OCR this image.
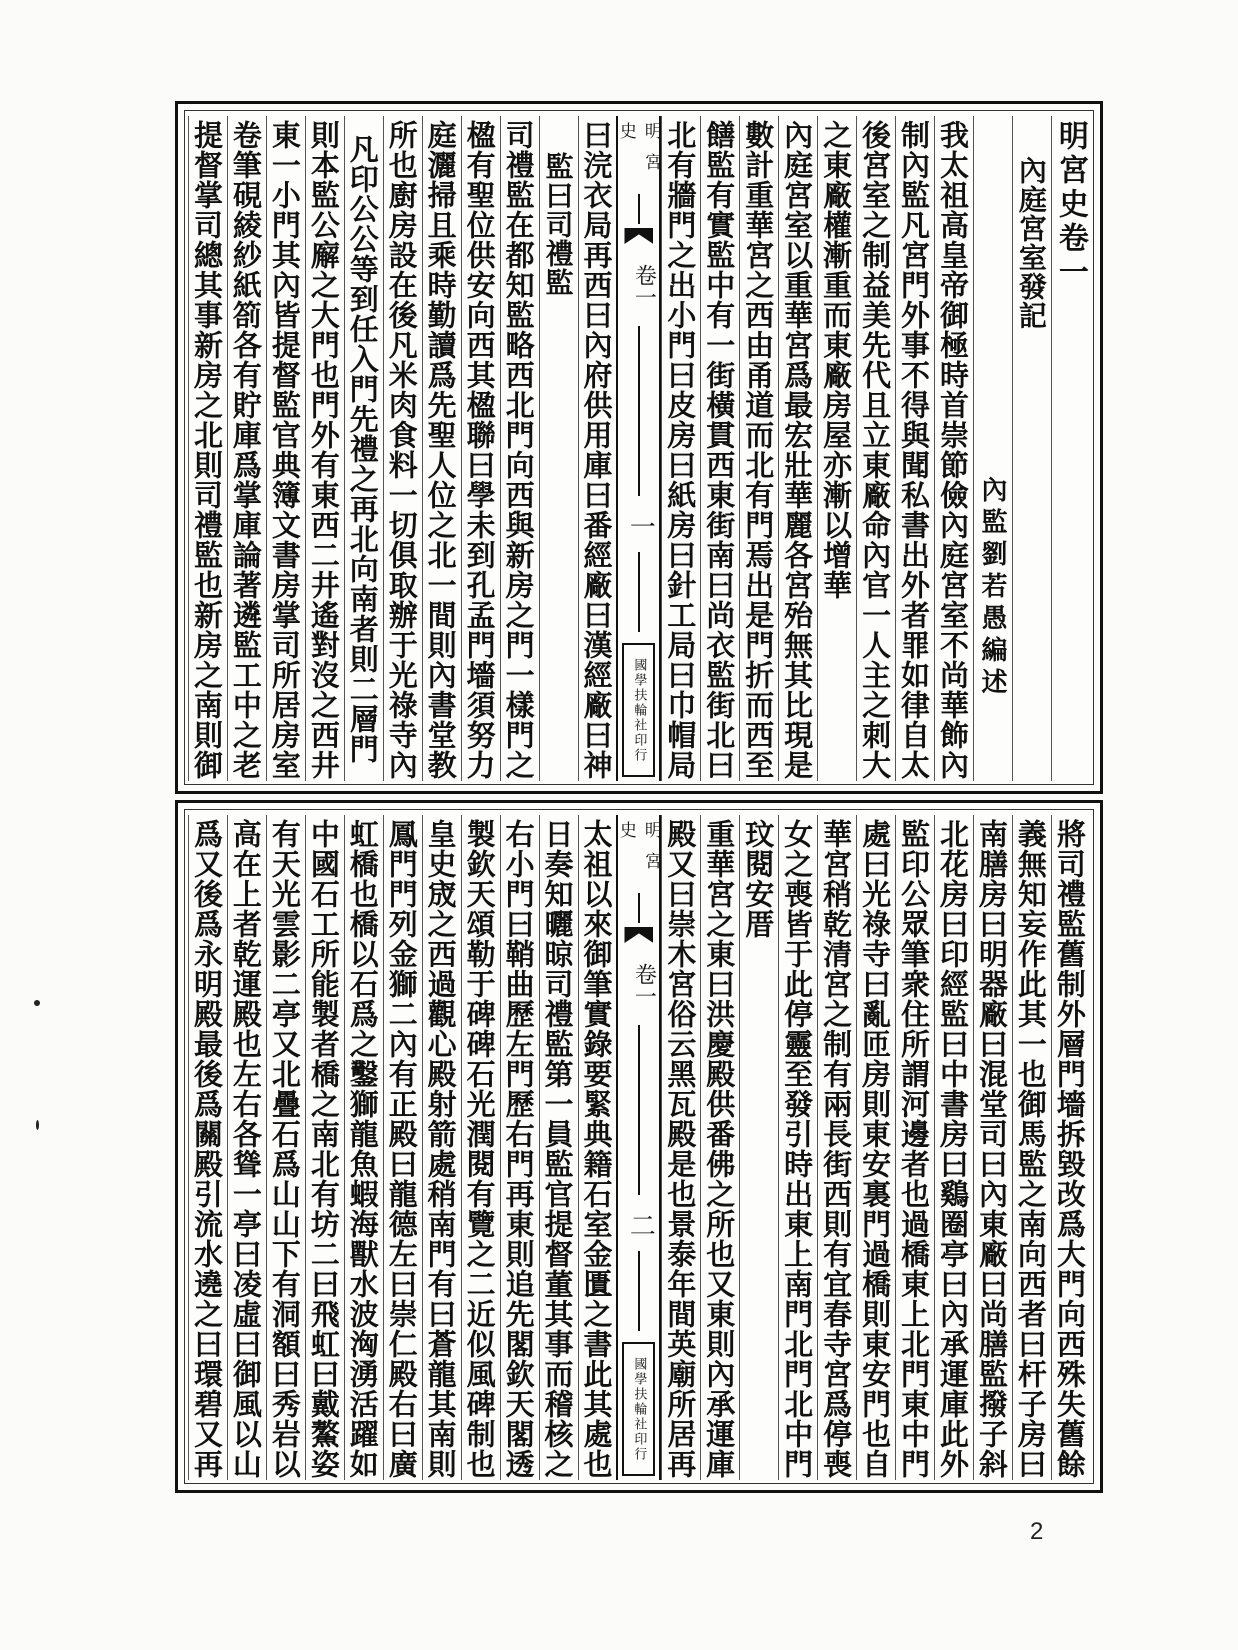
明宮史卷一
內庭宮室發記
內監劉若愚編述
我太祖高皇帝御極時首崇節儉內庭宮室不尚華飾內
制內監凡宮門外事不得與聞私書出外者罪如律自太
後宮室之制益美先代且立東廠命內官一人主之刺大
之東廠權漸重而東廠房屋亦漸以增華
內庭宮室以重華宮爲最宏壯華麗各宮殆無其比現是
數計重華宮之西由甬道而北有門焉出是門折而西至
饍監有實監中有一街橫貫西東街南曰尚衣監街北曰
北有牆門之出小門曰皮房曰紙房曰針工局曰巾帽局
明宮史
卷一
一
國學扶輪社印行
曰浣衣局再西曰內府供用庫曰番經廠曰漢經廠曰神
監曰司禮監
司禮監在都知監略西北門向西與新房之門一樣門之
楹有聖位供安向西其楹聯曰學未到孔孟門墻須努力
庭灑掃且乘時勤讀爲先聖人位之北一間則內書堂教
所也廚房設在後凡米肉食料一切俱取辦于光祿寺內
凡印公公等到任入門先禮之再北向南者則二層門
則本監公廨之大門也門外有東西二井遙對沒之西井
東一小門其內皆提督監官典簿文書房掌司所居房室
卷筆硯綾紗紙箚各有貯庫爲掌庫論著遴監工中之老
提督掌司總其事新房之北則司禮監也新房之南則御
將司禮監舊制外層門墻拆毀改爲大門向西殊失舊餘
義無知妄作此其一也御馬監之南向西者曰杆子房曰
南膳房曰明器廠曰混堂司曰內東廠曰尚膳監撥子斜
北花房曰印經監曰中書房曰鷄圈亭曰內承運庫此外
監印公眾筆衆住所謂河邊者也過橋東上北門東中門
處曰光祿寺曰亂匝房則東安裏門過橋則東安門也自
華宮稍乾清宮之制有兩長街西則有宜春寺宮爲停喪
女之喪皆于此停靈至發引時出東上南門北門北中門
玟閱安厝
重華宮之東曰洪慶殿供番佛之所也又東則內承運庫
殿又曰崇木宮俗云黑瓦殿是也景泰年間英廟所居再
明宮史
卷一
二
國學扶輪社印行
太祖以來御筆實錄要緊典籍石室金匱之書此其處也
日奏知曬晾司禮監第一員監官提督董其事而稽核之
右小門曰鞘曲歷左門歷右門再東則追先閣欽天閣透
製欽天頌勒于碑碑石光潤閱有覽之二近似風碑制也
皇史宬之西過觀心殿射箭處稍南門有曰蒼龍其南則
鳳門門列金獅二內有正殿曰龍德左曰崇仁殿右曰廣
虹橋也橋以石爲之鑿獅龍魚蝦海獸水波洶湧活躍如
中國石工所能製者橋之南北有坊二曰飛虹曰戴鰲姿
有天光雲影二亭又北疊石爲山山下有洞額曰秀岩以
高在上者乾運殿也左右各聳一亭曰凌虛曰御風以山
爲又後爲永明殿最後爲關殿引流水遶之曰環碧又再
2
